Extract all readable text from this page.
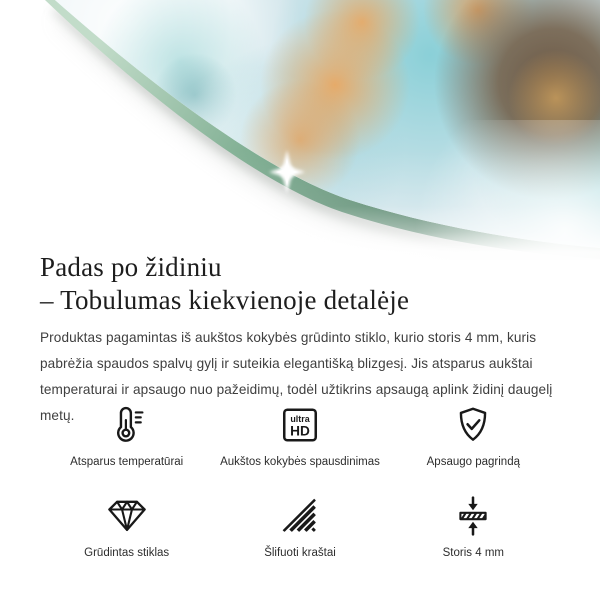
Padas po židiniu
– Tobulumas kiekvienoje detalėje

Produktas pagamintas iš aukštos kokybės grūdinto stiklo, kurio storis 4 mm, kuris pabrėžia spaudos spalvų gylį ir suteikia elegantišką blizgesį. Jis atsparus aukštai temperaturai ir apsaugo nuo pažeidimų, todėl užtikrins apsaugą aplink židinį daugelį metų.

Atsparus temperatūrai
ultra
HD
Aukštos kokybės spausdinimas	Apsaugo pagrindą
Grūdintas stiklas	Šlifuoti kraštai	Storis 4 mm
